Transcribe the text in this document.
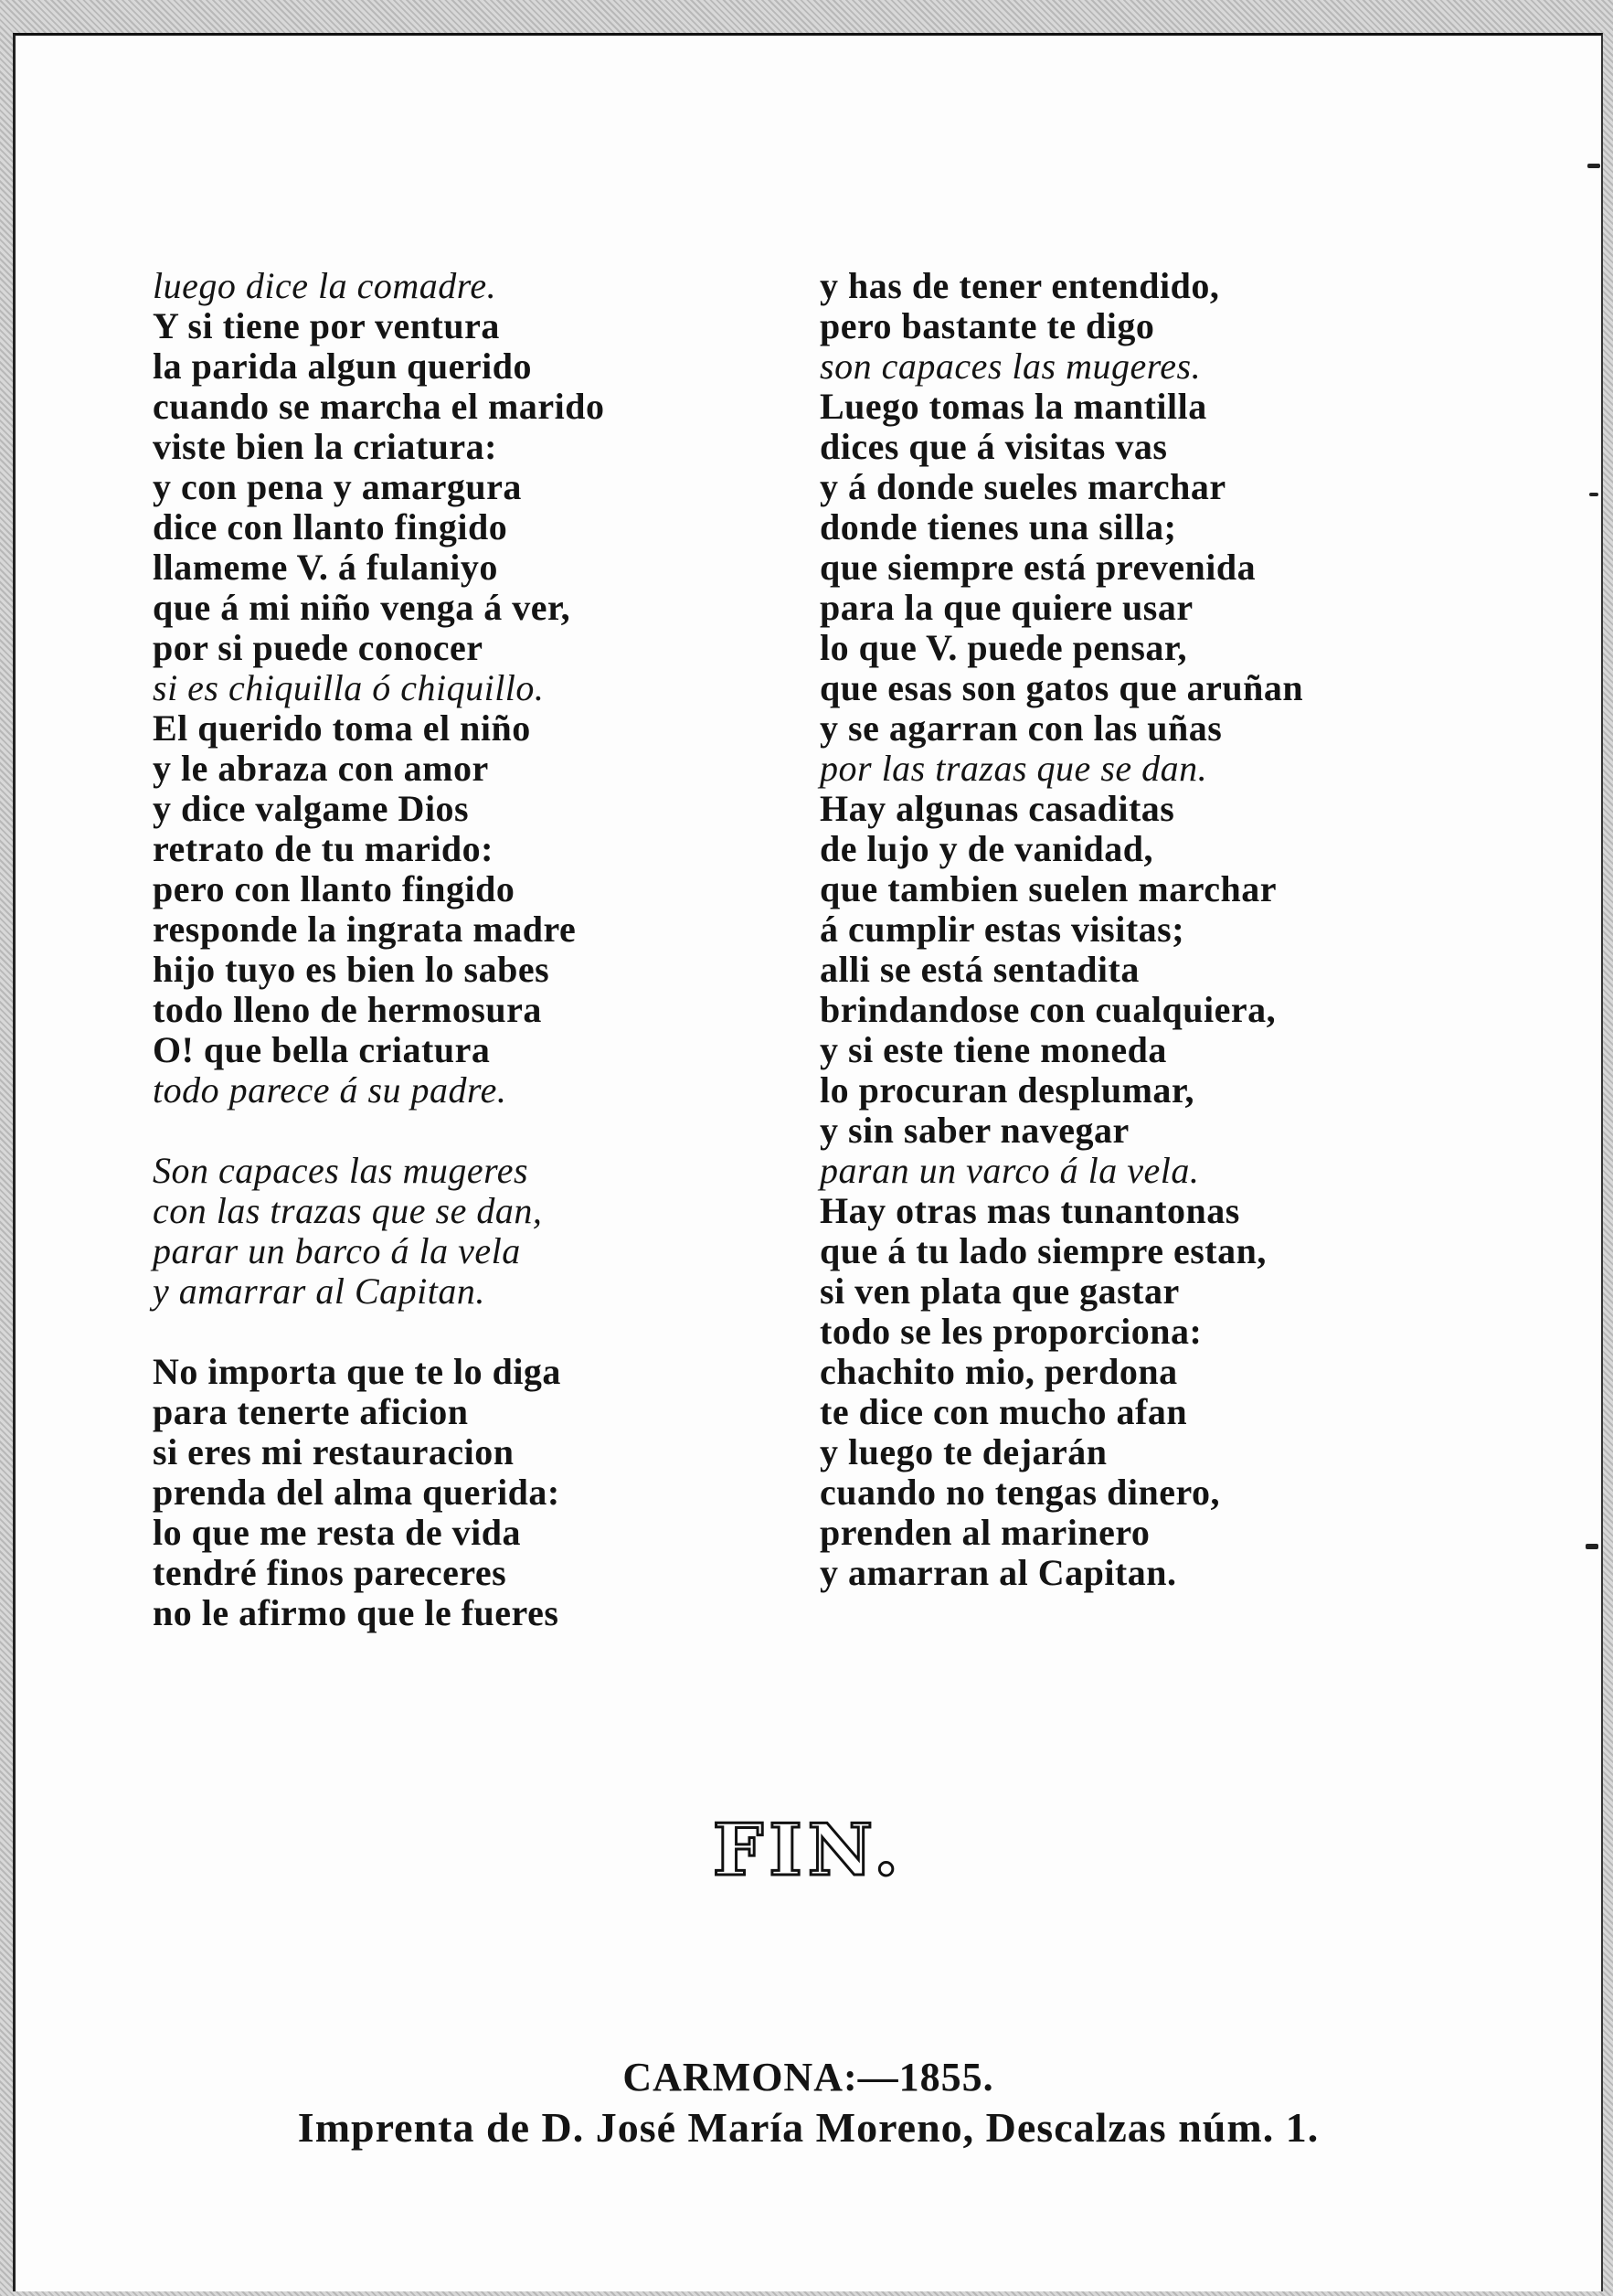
luego dice la comadre.
Y si tiene por ventura
la parida algun querido
cuando se marcha el marido
viste bien la criatura:
y con pena y amargura
dice con llanto fingido
llameme V. á fulaniyo
que á mi niño venga á ver,
por si puede conocer
si es chiquilla ó chiquillo.
El querido toma el niño
y le abraza con amor
y dice valgame Dios
retrato de tu marido:
pero con llanto fingido
responde la ingrata madre
hijo tuyo es bien lo sabes
todo lleno de hermosura
O! que bella criatura
todo parece á su padre.
Son capaces las mugeres
con las trazas que se dan,
parar un barco á la vela
y amarrar al Capitan.
No importa que te lo diga
para tenerte aficion
si eres mi restauracion
prenda del alma querida:
lo que me resta de vida
tendré finos pareceres
no le afirmo que le fueres
y has de tener entendido,
pero bastante te digo
son capaces las mugeres.
Luego tomas la mantilla
dices que á visitas vas
y á donde sueles marchar
donde tienes una silla;
que siempre está prevenida
para la que quiere usar
lo que V. puede pensar,
que esas son gatos que aruñan
y se agarran con las uñas
por las trazas que se dan.
Hay algunas casaditas
de lujo y de vanidad,
que tambien suelen marchar
á cumplir estas visitas;
alli se está sentadita
brindandose con cualquiera,
y si este tiene moneda
lo procuran desplumar,
y sin saber navegar
paran un varco á la vela.
Hay otras mas tunantonas
que á tu lado siempre estan,
si ven plata que gastar
todo se les proporciona:
chachito mio, perdona
te dice con mucho afan
y luego te dejarán
cuando no tengas dinero,
prenden al marinero
y amarran al Capitan.
FIN.
CARMONA:—1855.
Imprenta de D. José María Moreno, Descalzas núm. 1.
